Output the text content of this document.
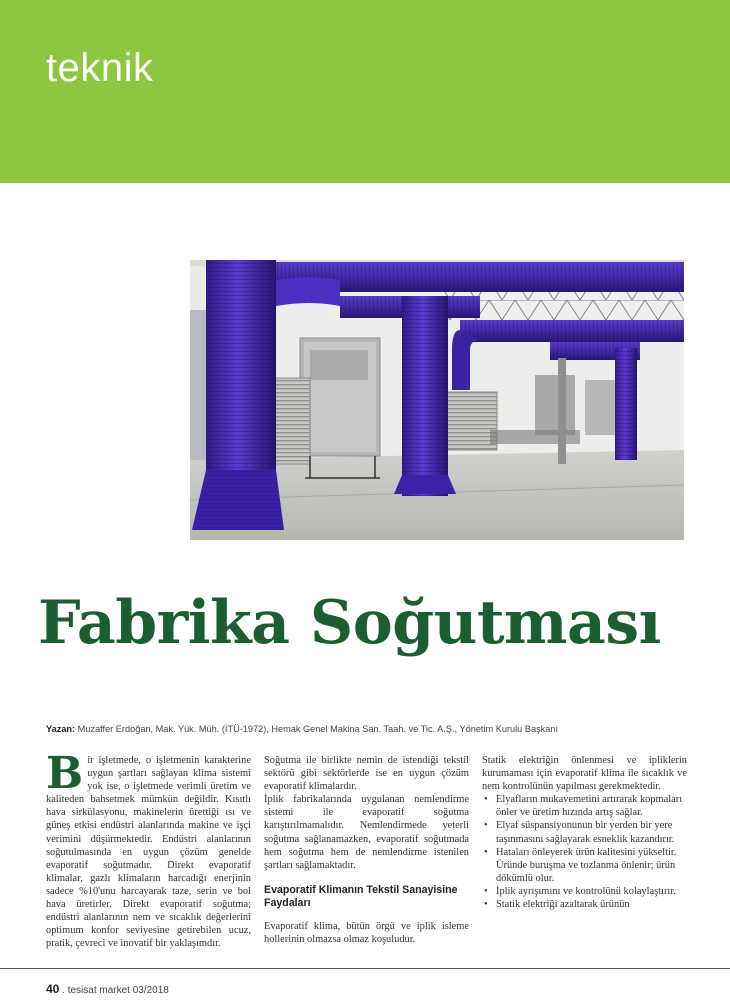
teknik
Fabrika Soğutması
Yazan: Muzaffer Erdoğan, Mak. Yük. Müh. (İTÜ-1972), Hemak Genel Makina San. Taah. ve Tic. A.Ş., Yönetim Kurulu Başkanı
B ir işletmede, o işletmenin karakterine uygun şartları sağlayan klima sistemi yok ise, o işletmede verimli üretim ve kaliteden bahsetmek mümkün değildir. Kısıtlı hava sirkülasyonu, makinelerin ürettiği ısı ve güneş etkisi endüstri alanlarında makine ve işçi verimini düşürmektedir. Endüstri alanlarının soğutulmasında en uygun çözüm genelde evaporatif soğutmadır. Direkt evaporatif klimalar, gazlı klimaların harcadığı enerjinin sadece %10'unu harcayarak taze, serin ve bol hava üretirler. Direkt evaporatif soğutma; endüstri alanlarının nem ve sıcaklık değerlerini optimum konfor seviyesine getirebilen ucuz, pratik, çevreci ve inovatif bir yaklaşımdır.

Soğutma ile birlikte nemin de istendiği tekstil sektörü gibi sektörlerde ise en uygun çözüm evaporatif klimalardır.

İplik fabrikalarında uygulanan nemlendirme sistemi ile evaporatif soğutma karıştırılmamalıdır. Nemlendirmede yeterli soğutma sağlanamazken, evaporatif soğutmada hem soğutma hem de nemlendirme istenilen şartları sağlamaktadır.

Evaporatif Klimanın Tekstil Sanayisine Faydaları

Evaporatif klima, bütün örgü ve iplik isleme hollerinin olmazsa olmaz koşuludur.

Statik elektriğin önlenmesi ve ipliklerin kurumaması için evaporatif klima ile sıcaklık ve nem kontrolünün yapılması gerekmektedir.

• Elyafların mukavemetini artırarak kopmaları önler ve üretim hızında artış sağlar.
• Elyaf süspansiyonunun bir yerden bir yere taşınmasını sağlayarak esneklik kazandırır.
• Hataları önleyerek ürün kalitesini yükseltir. Üründe buruşma ve tozlanma önlenir; ürün dökümlü olur.
• İplik ayrışımını ve kontrolünü kolaylaştırır.
• Statik elektriği azaltarak ürünün
40 . tesisat market 03/2018
